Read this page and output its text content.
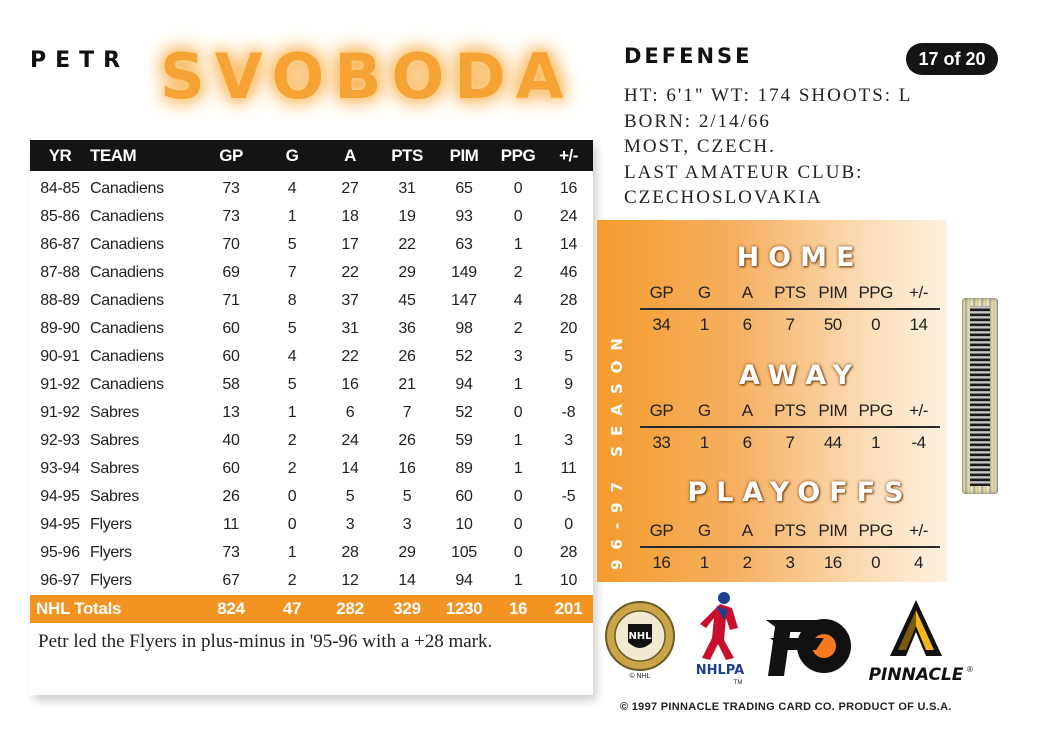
PETR SVOBODA DEFENSE	17 of 20
HT: 6'1" WT: 174 SHOOTS: L
BORN: 2/14/66
MOST, CZECH.
LAST AMATEUR CLUB:
CZECHOSLOVAKIA
YR	TEAM	GP	G	A	PTS	PIM	PPG	+/-
84-85	Canadiens	73	4	27	31	65	0	16
85-86	Canadiens	73	1	18	19	93	0	24
86-87	Canadiens	70	5	17	22	63	1	14
87-88	Canadiens	69	7	22	29	149	2	46
88-89	Canadiens	71	8	37	45	147	4	28
89-90	Canadiens	60	5	31	36	98	2	20
90-91	Canadiens	60	4	22	26	52	3	5
91-92	Canadiens	58	5	16	21	94	1	9
91-92	Sabres	13	1	6	7	52	0	-8
92-93	Sabres	40	2	24	26	59	1	3
93-94	Sabres	60	2	14	16	89	1	11
94-95	Sabres	26	0	5	5	60	0	-5
94-95	Flyers	11	0	3	3	10	0	0
95-96	Flyers	73	1	28	29	105	0	28
96-97	Flyers	67	2	12	14	94	1	10
NHL Totals		824	47	282	329	1230	16	201
Petr led the Flyers in plus-minus in '95-96 with a +28 mark.
96-97 SEASON
HOME
GP	G	A	PTS	PIM	PPG	+/-
34	1	6	7	50	0	14
AWAY
GP	G	A	PTS	PIM	PPG	+/-
33	1	6	7	44	1	-4
PLAYOFFS
GP	G	A	PTS	PIM	PPG	+/-
16	1	2	3	16	0	4
NHL
© NHL	NHLPA
TM	PINNACLE ®
© 1997 PINNACLE TRADING CARD CO. PRODUCT OF U.S.A.
